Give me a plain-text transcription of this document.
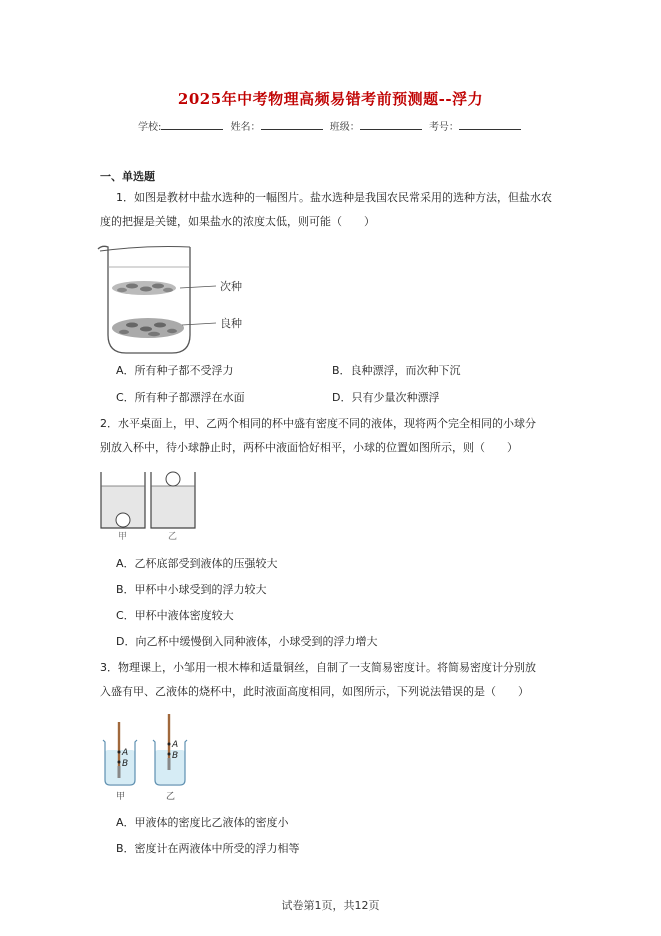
2025年中考物理高频易错考前预测题--浮力
学校:	姓名：	班级：	考号：
一、单选题
1．如图是教材中盐水选种的一幅图片。盐水选种是我国农民常采用的选种方法，但盐水农
度的把握是关键，如果盐水的浓度太低，则可能（　　）
次种
良种
A．所有种子都不受浮力	B．良种漂浮，而次种下沉
C．所有种子都漂浮在水面	D．只有少量次种漂浮
2．水平桌面上，甲、乙两个相同的杯中盛有密度不同的液体，现将两个完全相同的小球分
别放入杯中，待小球静止时，两杯中液面恰好相平，小球的位置如图所示，则（　　）
甲	乙
A．乙杯底部受到液体的压强较大
B．甲杯中小球受到的浮力较大
C．甲杯中液体密度较大
D．向乙杯中缓慢倒入同种液体，小球受到的浮力增大
3．物理课上，小邹用一根木棒和适量铜丝，自制了一支简易密度计。将简易密度计分别放
入盛有甲、乙液体的烧杯中，此时液面高度相同，如图所示，下列说法错误的是（　　）
A
B
A
B
甲	乙
A．甲液体的密度比乙液体的密度小
B．密度计在两液体中所受的浮力相等
试卷第1页，共12页
